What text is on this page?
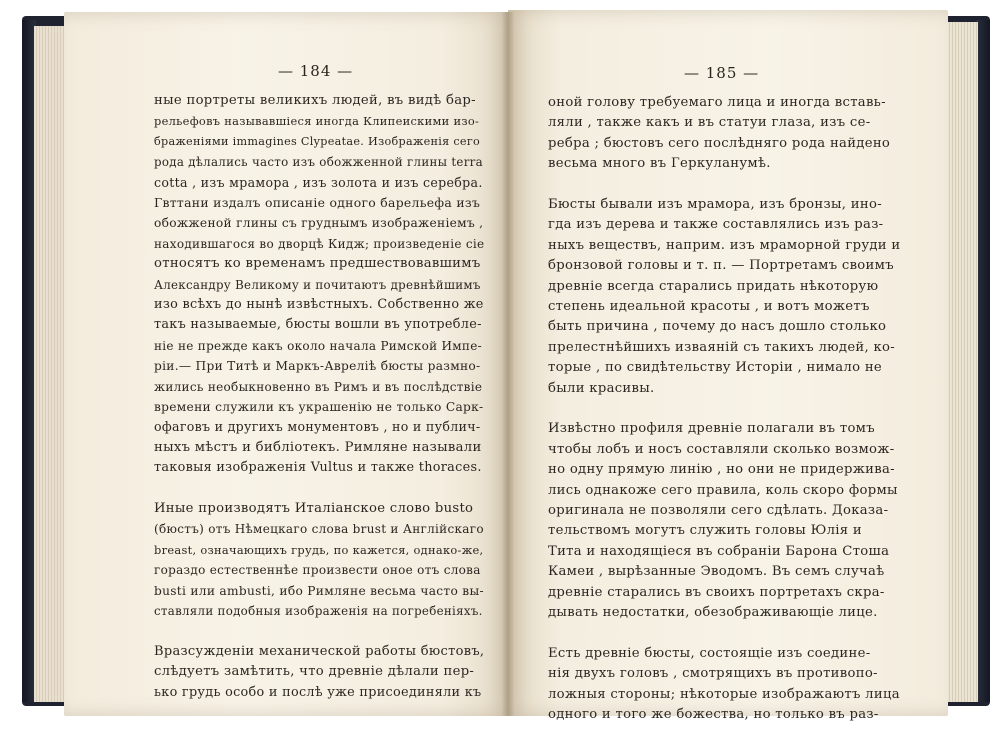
— 184 —
ные портреты великихъ людей, въ видѣ бар-
рельефовъ называвшіеся иногда Клипеискими изо-
браженіями immagines Clypeatae. Изображенія сего
рода дѣлались часто изъ обожженной глины terra
cotta , изъ мрамора , изъ золота и изъ серебра.
Гвттани издалъ описаніе одного барельефа изъ
обожженой глины съ груднымъ изображеніемъ ,
находившагося во дворцѣ Кидж; произведеніе сіе
относятъ ко временамъ предшествовавшимъ
Александру Великому и почитаютъ древнѣйшимъ
изо всѣхъ до нынѣ извѣстныхъ. Собственно же
такъ называемые, бюсты вошли въ употребле-
ніе не прежде какъ около начала Римской Импе-
ріи.— При Титѣ и Маркъ-Аврелiѣ бюсты размно-
жились необыкновенно въ Римъ и въ послѣдствіе
времени служили къ украшенію не только Сарк-
офаговъ и другихъ монументовъ , но и публич-
ныхъ мѣстъ и библіотекъ. Римляне называли
таковыя изображенія Vultus и также thoraces.
Иные производятъ Италіанское слово busto
(бюстъ) отъ Нѣмецкаго слова brust и Англійскаго
breast, означающихъ грудь, по кажется, однако-же,
гораздо естественнѣе произвести оное отъ слова
busti или ambusti, ибо Римляне весьма часто вы-
ставляли подобныя изображенія на погребеніяхъ.
Вразсужденіи механической работы бюстовъ,
слѣдуетъ замѣтить, что древніе дѣлали пер-
ько грудь особо и послѣ уже присоединяли къ
— 185 —
оной голову требуемаго лица и иногда вставь-
ляли , также какъ и въ статуи глаза, изъ се-
ребра ; бюстовъ сего послѣдняго рода найдено
весьма много въ Геркуланумѣ.
Бюсты бывали изъ мрамора, изъ бронзы, ино-
гда изъ дерева и также составлялись изъ раз-
ныхъ веществъ, наприм. изъ мраморной груди и
бронзовой головы и т. п. — Портретамъ своимъ
древніе всегда старались придать нѣкоторую
степень идеальной красоты , и вотъ можетъ
быть причина , почему до насъ дошло столько
прелестнѣйшихъ изваяній съ такихъ людей, ко-
торые , по свидѣтельству Исторіи , нимало не
были красивы.
Извѣстно профиля древніе полагали въ томъ
чтобы лобъ и носъ составляли сколько возмож-
но одну прямую линію , но они не придержива-
лись однакоже сего правила, коль скоро формы
оригинала не позволяли сего сдѣлать. Доказа-
тельствомъ могутъ служить головы Юлія и
Тита и находящіеся въ собраніи Барона Стоша
Камеи , вырѣзанные Эводомъ. Въ семъ случаѣ
древніе старались въ своихъ портретахъ скра-
дывать недостатки, обезображивающіе лице.
Есть древніе бюсты, состоящіе изъ соедине-
нія двухъ головъ , смотрящихъ въ противопо-
ложныя стороны; нѣкоторые изображаютъ лица
одного и того же божества, но только въ раз-
